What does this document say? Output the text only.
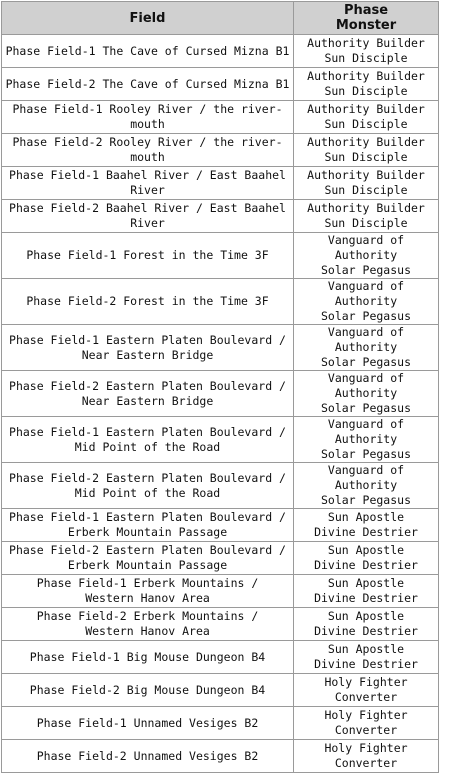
Field	Phase
Monster

Phase Field-1 The Cave of Cursed Mizna B1	Authority Builder
Sun Disciple

Phase Field-2 The Cave of Cursed Mizna B1	Authority Builder
Sun Disciple

Phase Field-1 Rooley River / the river-mouth	Authority Builder
Sun Disciple

Phase Field-2 Rooley River / the river-mouth	Authority Builder
Sun Disciple

Phase Field-1 Baahel River / East Baahel River	Authority Builder
Sun Disciple

Phase Field-2 Baahel River / East Baahel River	Authority Builder
Sun Disciple

Phase Field-1 Forest in the Time 3F	Vanguard of Authority
Solar Pegasus

Phase Field-2 Forest in the Time 3F	Vanguard of Authority
Solar Pegasus

Phase Field-1 Eastern Platen Boulevard /
Near Eastern Bridge	Vanguard of Authority
Solar Pegasus

Phase Field-2 Eastern Platen Boulevard /
Near Eastern Bridge	Vanguard of Authority
Solar Pegasus

Phase Field-1 Eastern Platen Boulevard /
Mid Point of the Road	Vanguard of Authority
Solar Pegasus

Phase Field-2 Eastern Platen Boulevard /
Mid Point of the Road	Vanguard of Authority
Solar Pegasus

Phase Field-1 Eastern Platen Boulevard /
Erberk Mountain Passage	Sun Apostle
Divine Destrier

Phase Field-2 Eastern Platen Boulevard /
Erberk Mountain Passage	Sun Apostle
Divine Destrier

Phase Field-1 Erberk Mountains /
Western Hanov Area	Sun Apostle
Divine Destrier

Phase Field-2 Erberk Mountains /
Western Hanov Area	Sun Apostle
Divine Destrier

Phase Field-1 Big Mouse Dungeon B4	Sun Apostle
Divine Destrier

Phase Field-2 Big Mouse Dungeon B4	Holy Fighter
Converter

Phase Field-1 Unnamed Vesiges B2	Holy Fighter
Converter

Phase Field-2 Unnamed Vesiges B2	Holy Fighter
Converter
